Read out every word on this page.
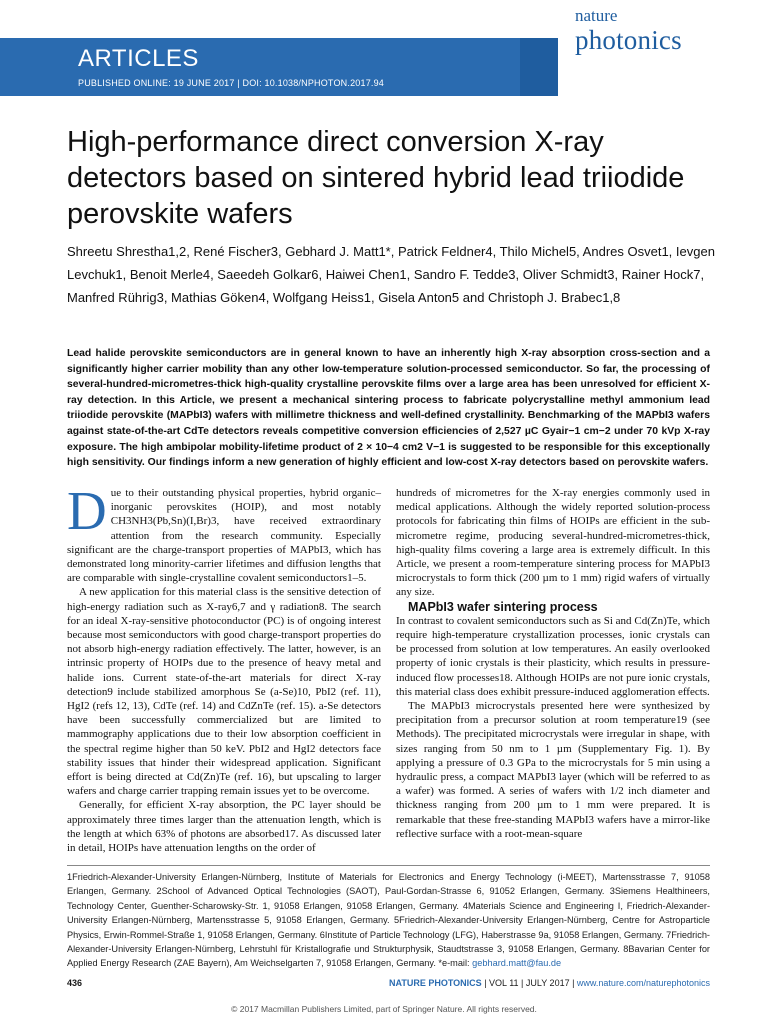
ARTICLES
PUBLISHED ONLINE: 19 JUNE 2017 | DOI: 10.1038/NPHOTON.2017.94
nature
photonics
High-performance direct conversion X-ray detectors based on sintered hybrid lead triiodide perovskite wafers
Shreetu Shrestha1,2, René Fischer3, Gebhard J. Matt1*, Patrick Feldner4, Thilo Michel5, Andres Osvet1, Ievgen Levchuk1, Benoit Merle4, Saeedeh Golkar6, Haiwei Chen1, Sandro F. Tedde3, Oliver Schmidt3, Rainer Hock7, Manfred Rührig3, Mathias Göken4, Wolfgang Heiss1, Gisela Anton5 and Christoph J. Brabec1,8

Lead halide perovskite semiconductors are in general known to have an inherently high X-ray absorption cross-section and a significantly higher carrier mobility than any other low-temperature solution-processed semiconductor. So far, the processing of several-hundred-micrometres-thick high-quality crystalline perovskite films over a large area has been unresolved for efficient X-ray detection. In this Article, we present a mechanical sintering process to fabricate polycrystalline methyl ammonium lead triiodide perovskite (MAPbI3) wafers with millimetre thickness and well-defined crystallinity. Benchmarking of the MAPbI3 wafers against state-of-the-art CdTe detectors reveals competitive conversion efficiencies of 2,527 µC Gyair−1 cm−2 under 70 kVp X-ray exposure. The high ambipolar mobility-lifetime product of 2 × 10−4 cm2 V−1 is suggested to be responsible for this exceptionally high sensitivity. Our findings inform a new generation of highly efficient and low-cost X-ray detectors based on perovskite wafers.

Due to their outstanding physical properties, hybrid organic–inorganic perovskites (HOIP), and most notably CH3NH3(Pb,Sn)(I,Br)3, have received extraordinary attention from the research community. Especially significant are the charge-transport properties of MAPbI3, which has demonstrated long minority-carrier lifetimes and diffusion lengths that are comparable with single-crystalline covalent semiconductors1–5.

A new application for this material class is the sensitive detection of high-energy radiation such as X-ray6,7 and γ radiation8. The search for an ideal X-ray-sensitive photoconductor (PC) is of ongoing interest because most semiconductors with good charge-transport properties do not absorb high-energy radiation effectively. The latter, however, is an intrinsic property of HOIPs due to the presence of heavy metal and halide ions. Current state-of-the-art materials for direct X-ray detection9 include stabilized amorphous Se (a-Se)10, PbI2 (ref. 11), HgI2 (refs 12, 13), CdTe (ref. 14) and CdZnTe (ref. 15). a-Se detectors have been successfully commercialized but are limited to mammography applications due to their low absorption coefficient in the spectral regime higher than 50 keV. PbI2 and HgI2 detectors face stability issues that hinder their widespread application. Significant effort is being directed at Cd(Zn)Te (ref. 16), but upscaling to larger wafers and charge carrier trapping remain issues yet to be overcome.

Generally, for efficient X-ray absorption, the PC layer should be approximately three times larger than the attenuation length, which is the length at which 63% of photons are absorbed17. As discussed later in detail, HOIPs have attenuation lengths on the order of

hundreds of micrometres for the X-ray energies commonly used in medical applications. Although the widely reported solution-process protocols for fabricating thin films of HOIPs are efficient in the sub-micrometre regime, producing several-hundred-micrometres-thick, high-quality films covering a large area is extremely difficult. In this Article, we present a room-temperature sintering process for MAPbI3 microcrystals to form thick (200 µm to 1 mm) rigid wafers of virtually any size.

MAPbI3 wafer sintering process

In contrast to covalent semiconductors such as Si and Cd(Zn)Te, which require high-temperature crystallization processes, ionic crystals can be processed from solution at low temperatures. An easily overlooked property of ionic crystals is their plasticity, which results in pressure-induced flow processes18. Although HOIPs are not pure ionic crystals, this material class does exhibit pressure-induced agglomeration effects.

The MAPbI3 microcrystals presented here were synthesized by precipitation from a precursor solution at room temperature19 (see Methods). The precipitated microcrystals were irregular in shape, with sizes ranging from 50 nm to 1 µm (Supplementary Fig. 1). By applying a pressure of 0.3 GPa to the microcrystals for 5 min using a hydraulic press, a compact MAPbI3 layer (which will be referred to as a wafer) was formed. A series of wafers with 1/2 inch diameter and thickness ranging from 200 µm to 1 mm were prepared. It is remarkable that these free-standing MAPbI3 wafers have a mirror-like reflective surface with a root-mean-square

1Friedrich-Alexander-University Erlangen-Nürnberg, Institute of Materials for Electronics and Energy Technology (i-MEET), Martensstrasse 7, 91058 Erlangen, Germany. 2School of Advanced Optical Technologies (SAOT), Paul-Gordan-Strasse 6, 91052 Erlangen, Germany. 3Siemens Healthineers, Technology Center, Guenther-Scharowsky-Str. 1, 91058 Erlangen, 91058 Erlangen, Germany. 4Materials Science and Engineering I, Friedrich-Alexander-University Erlangen-Nürnberg, Martensstrasse 5, 91058 Erlangen, Germany. 5Friedrich-Alexander-University Erlangen-Nürnberg, Centre for Astroparticle Physics, Erwin-Rommel-Straße 1, 91058 Erlangen, Germany. 6Institute of Particle Technology (LFG), Haberstrasse 9a, 91058 Erlangen, Germany. 7Friedrich-Alexander-University Erlangen-Nürnberg, Lehrstuhl für Kristallografie und Strukturphysik, Staudtstrasse 3, 91058 Erlangen, Germany. 8Bavarian Center for Applied Energy Research (ZAE Bayern), Am Weichselgarten 7, 91058 Erlangen, Germany. *e-mail: gebhard.matt@fau.de
436	NATURE PHOTONICS | VOL 11 | JULY 2017 | www.nature.com/naturephotonics
© 2017 Macmillan Publishers Limited, part of Springer Nature. All rights reserved.
